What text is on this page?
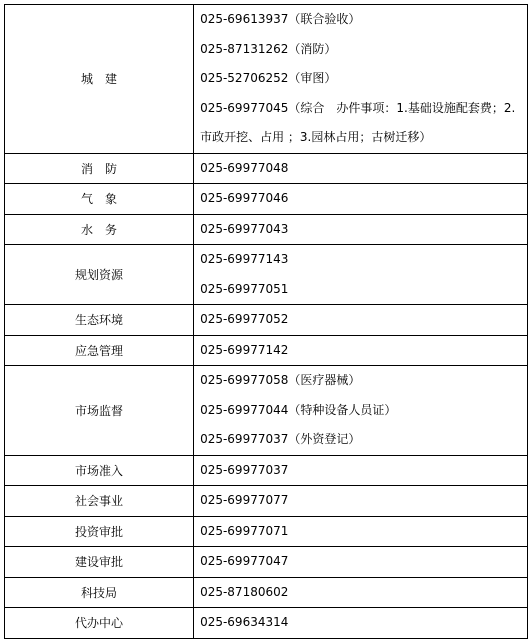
城　建	025-69613937（联合验收）
025-87131262（消防）
025-52706252（审图）
025-69977045（综合　办件事项：1.基础设施配套费；2.
市政开挖、占用 ；3.园林占用；古树迁移）

消　防	025-69977048

气　象	025-69977046

水　务	025-69977043

规划资源	025-69977143
025-69977051

生态环境	025-69977052

应急管理	025-69977142

市场监督	025-69977058（医疗器械）
025-69977044（特种设备人员证）
025-69977037（外资登记）

市场准入	025-69977037

社会事业	025-69977077

投资审批	025-69977071

建设审批	025-69977047

科技局	025-87180602

代办中心	025-69634314
